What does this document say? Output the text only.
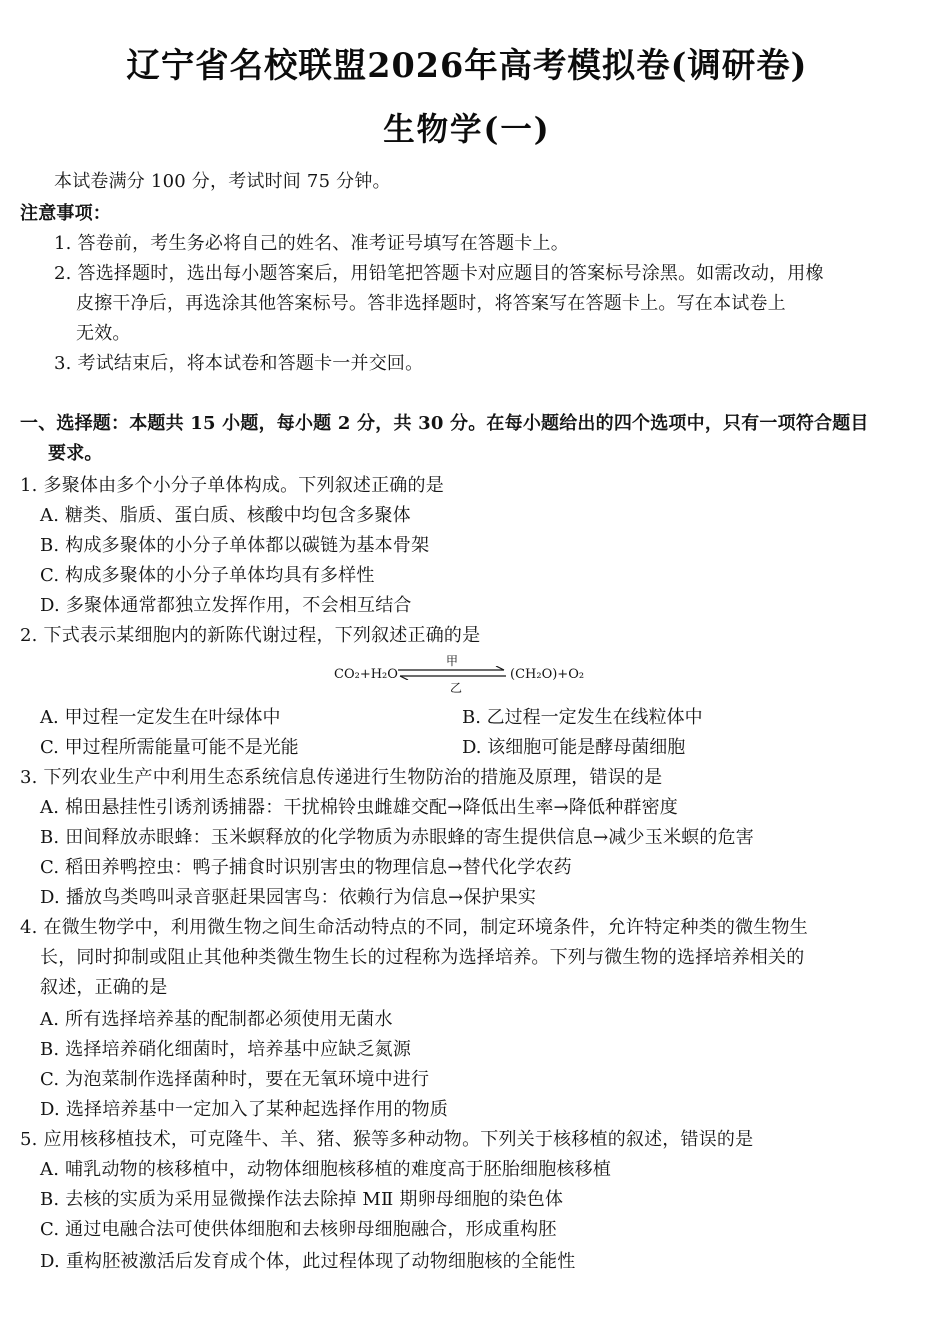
辽宁省名校联盟2026年高考模拟卷(调研卷)
生物学(一)
本试卷满分 100 分，考试时间 75 分钟。
注意事项：
1. 答卷前，考生务必将自己的姓名、准考证号填写在答题卡上。
2. 答选择题时，选出每小题答案后，用铅笔把答题卡对应题目的答案标号涂黑。如需改动，用橡
皮擦干净后，再选涂其他答案标号。答非选择题时，将答案写在答题卡上。写在本试卷上
无效。
3. 考试结束后，将本试卷和答题卡一并交回。
一、选择题：本题共 15 小题，每小题 2 分，共 30 分。在每小题给出的四个选项中，只有一项符合题目
要求。
1. 多聚体由多个小分子单体构成。下列叙述正确的是
A. 糖类、脂质、蛋白质、核酸中均包含多聚体
B. 构成多聚体的小分子单体都以碳链为基本骨架
C. 构成多聚体的小分子单体均具有多样性
D. 多聚体通常都独立发挥作用，不会相互结合
2. 下式表示某细胞内的新陈代谢过程，下列叙述正确的是
CO₂+H₂O
甲
乙
(CH₂O)+O₂
A. 甲过程一定发生在叶绿体中	B. 乙过程一定发生在线粒体中
C. 甲过程所需能量可能不是光能	D. 该细胞可能是酵母菌细胞
3. 下列农业生产中利用生态系统信息传递进行生物防治的措施及原理，错误的是
A. 棉田悬挂性引诱剂诱捕器：干扰棉铃虫雌雄交配→降低出生率→降低种群密度
B. 田间释放赤眼蜂：玉米螟释放的化学物质为赤眼蜂的寄生提供信息→减少玉米螟的危害
C. 稻田养鸭控虫：鸭子捕食时识别害虫的物理信息→替代化学农药
D. 播放鸟类鸣叫录音驱赶果园害鸟：依赖行为信息→保护果实
4. 在微生物学中，利用微生物之间生命活动特点的不同，制定环境条件，允许特定种类的微生物生
长，同时抑制或阻止其他种类微生物生长的过程称为选择培养。下列与微生物的选择培养相关的
叙述，正确的是
A. 所有选择培养基的配制都必须使用无菌水
B. 选择培养硝化细菌时，培养基中应缺乏氮源
C. 为泡菜制作选择菌种时，要在无氧环境中进行
D. 选择培养基中一定加入了某种起选择作用的物质
5. 应用核移植技术，可克隆牛、羊、猪、猴等多种动物。下列关于核移植的叙述，错误的是
A. 哺乳动物的核移植中，动物体细胞核移植的难度高于胚胎细胞核移植
B. 去核的实质为采用显微操作法去除掉 MⅡ 期卵母细胞的染色体
C. 通过电融合法可使供体细胞和去核卵母细胞融合，形成重构胚
D. 重构胚被激活后发育成个体，此过程体现了动物细胞核的全能性
